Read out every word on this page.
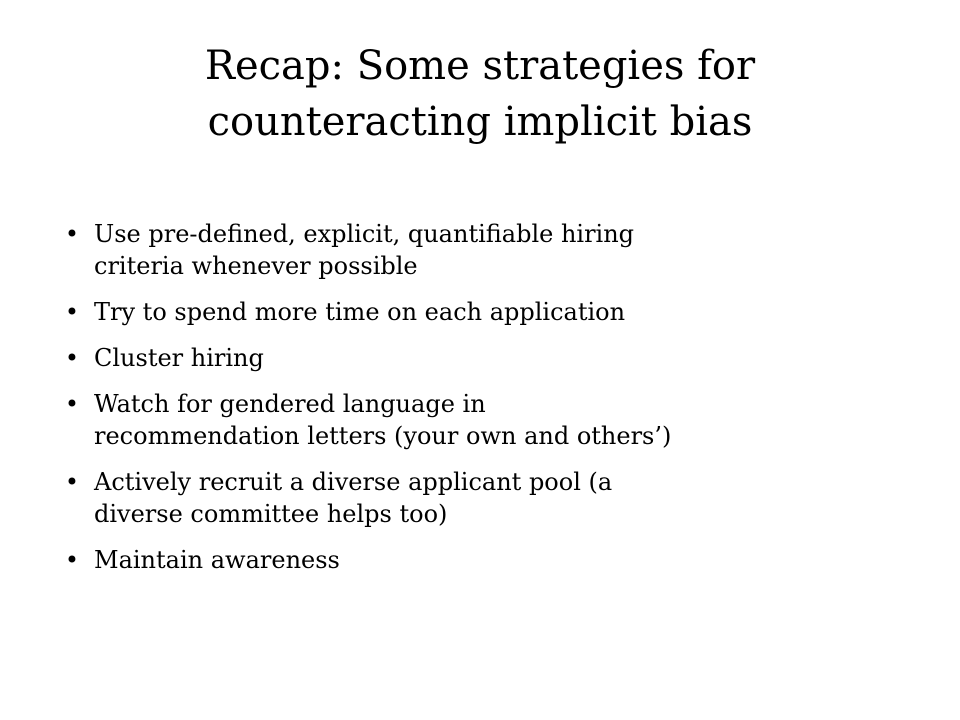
Recap: Some strategies for
counteracting implicit bias
• Use pre-defined, explicit, quantifiable hiring
criteria whenever possible
• Try to spend more time on each application
• Cluster hiring
• Watch for gendered language in
recommendation letters (your own and others’)
• Actively recruit a diverse applicant pool (a
diverse committee helps too)
• Maintain awareness
